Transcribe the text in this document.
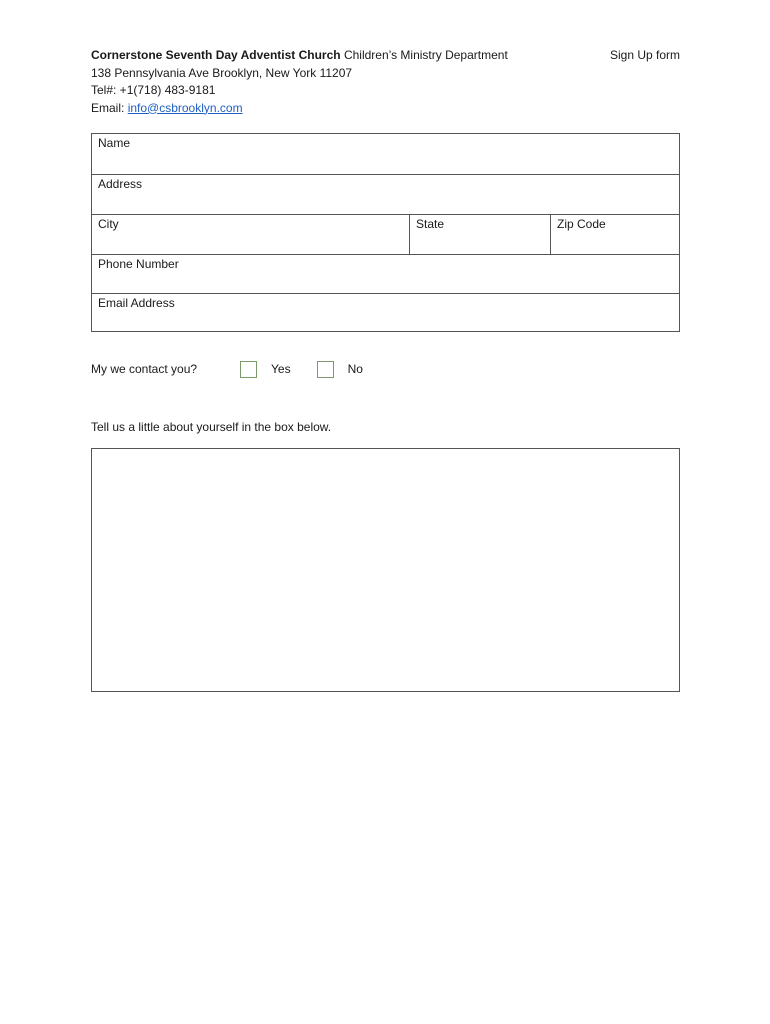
Cornerstone Seventh Day Adventist Church Children’s Ministry Department	Sign Up form
138 Pennsylvania Ave Brooklyn, New York 11207
Tel#: +1(718) 483-9181
Email: info@csbrooklyn.com
Name
Address
City	State	Zip Code
Phone Number
Email Address
My we contact you?	Yes	No
Tell us a little about yourself in the box below.
